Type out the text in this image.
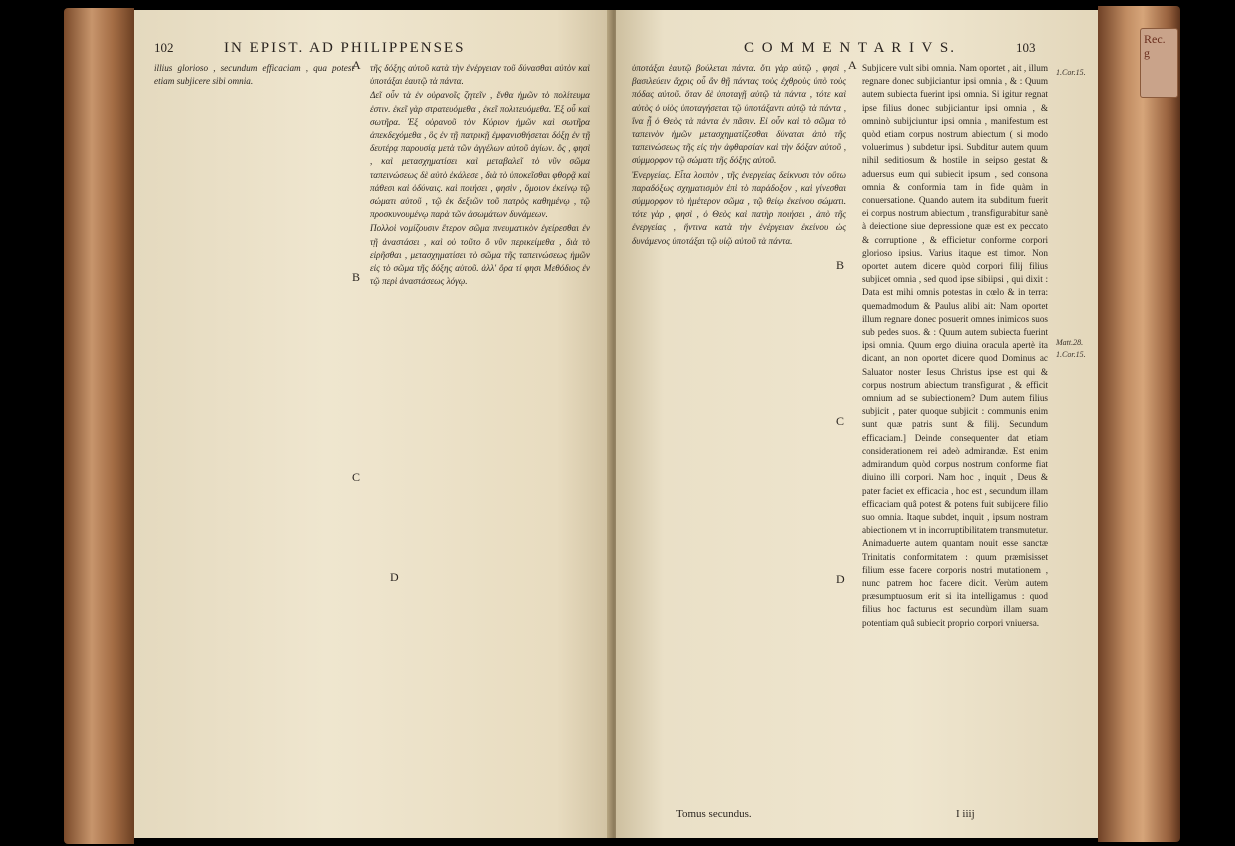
Rec. g
102	IN EPIST. AD PHILIPPENSES

illius glorioso , secundum efficaciam , qua potest etiam subjicere sibi omnia.

A
B
C
D

τῆς δόξης αὐτοῦ κατὰ τὴν ἐνέργειαν τοῦ δύνασθαι αὐτὸν καὶ ὑποτάξαι ἑαυτῷ τὰ πάντα.

Δεῖ οὖν τὰ ἐν οὐρανοῖς ζητεῖν , ἔνθα ἡμῶν τὸ πολίτευμα ἐστιν. ἐκεῖ γὰρ στρατευόμεθα , ἐκεῖ πολιτευόμεθα. Ἐξ οὗ καὶ σωτῆρα. Ἐξ οὐρανοῦ τὸν Κύριον ἡμῶν καὶ σωτῆρα ἀπεκδεχόμεθα , ὃς ἐν τῇ πατρικῇ ἐμφανισθήσεται δόξῃ ἐν τῇ δευτέρᾳ παρουσίᾳ μετὰ τῶν ἀγγέλων αὐτοῦ ἁγίων. ὃς , φησὶ , καὶ μετασχηματίσει καὶ μεταβαλεῖ τὸ νῦν σῶμα ταπεινώσεως δὲ αὐτὸ ἐκάλεσε , διὰ τὸ ὑποκεῖσθαι φθορᾷ καὶ πάθεσι καὶ ὀδύναις. καὶ ποιήσει , φησὶν , ὅμοιον ἐκείνῳ τῷ σώματι αὐτοῦ , τῷ ἐκ δεξιῶν τοῦ πατρὸς καθημένῳ , τῷ προσκυνουμένῳ παρὰ τῶν ἀσωμάτων δυνάμεων.

Πολλοὶ νομίζουσιν ἕτερον σῶμα πνευματικὸν ἐγείρεσθαι ἐν τῇ ἀναστάσει , καὶ οὐ τοῦτο ὃ νῦν περικείμεθα , διὰ τὸ εἰρῆσθαι , μετασχηματίσει τὸ σῶμα τῆς ταπεινώσεως ἡμῶν εἰς τὸ σῶμα τῆς δόξης αὐτοῦ. ἀλλ' ὅρα τί φησι Μεθόδιος ἐν τῷ περὶ ἀναστάσεως λόγῳ.

C O M M E N T A R I V S.	103

ὑποτάξαι ἑαυτῷ βούλεται πάντα. ὅτι γὰρ αὐτῷ , φησὶ , βασιλεύειν ἄχρις οὗ ἂν θῇ πάντας τοὺς ἐχθροὺς ὑπὸ τοὺς πόδας αὐτοῦ. ὅταν δὲ ὑποταγῇ αὐτῷ τὰ πάντα , τότε καὶ αὐτὸς ὁ υἱὸς ὑποταγήσεται τῷ ὑποτάξαντι αὐτῷ τὰ πάντα , ἵνα ᾖ ὁ Θεὸς τὰ πάντα ἐν πᾶσιν. Εἰ οὖν καὶ τὸ σῶμα τὸ ταπεινὸν ἡμῶν μετασχηματίζεσθαι δύναται ἀπὸ τῆς ταπεινώσεως τῆς εἰς τὴν ἀφθαρσίαν καὶ τὴν δόξαν αὐτοῦ , σύμμορφον τῷ σώματι τῆς δόξης αὐτοῦ.

Ἐνεργείας. Εἶτα λοιπὸν , τῆς ἐνεργείας δείκνυσι τὸν οὕτω παραδόξως σχηματισμὸν ἐπὶ τὸ παράδοξον , καὶ γίνεσθαι σύμμορφον τὸ ἡμέτερον σῶμα , τῷ θείῳ ἐκείνου σώματι. τότε γὰρ , φησὶ , ὁ Θεὸς καὶ πατὴρ ποιήσει , ἀπὸ τῆς ἐνεργείας , ἥντινα κατὰ τὴν ἐνέργειαν ἐκείνου ὡς δυνάμενος ὑποτάξαι τῷ υἱῷ αὐτοῦ τὰ πάντα.

A
B
C
D

Subjicere vult sibi omnia. Nam oportet , ait , illum regnare donec subjiciantur ipsi omnia , & : Quum autem subiecta fuerint ipsi omnia. Si igitur regnat ipse filius donec subjiciantur ipsi omnia , & omninò subijciuntur ipsi omnia , manifestum est quòd etiam corpus nostrum abiectum ( si modo voluerimus ) subdetur ipsi. Subditur autem quum nihil seditiosum & hostile in seipso gestat & aduersus eum qui subiecit ipsum , sed consona omnia & conformia tam in fide quàm in conuersatione. Quando autem ita subditum fuerit ei corpus nostrum abiectum , transfigurabitur sanè à deiectione siue depressione quæ est ex peccato & corruptione , & efficietur conforme corpori glorioso ipsius. Varius itaque est timor. Non oportet autem dicere quòd corpori filij filius subjicet omnia , sed quod ipse sibiipsi , qui dixit : Data est mihi omnis potestas in cœlo & in terra: quemadmodum & Paulus alibi ait: Nam oportet illum regnare donec posuerit omnes inimicos suos sub pedes suos. & : Quum autem subiecta fuerint ipsi omnia. Quum ergo diuina oracula apertè ita dicant, an non oportet dicere quod Dominus ac Saluator noster Iesus Christus ipse est qui & corpus nostrum abiectum transfigurat , & efficit omnium ad se subiectionem? Dum autem filius subjicit , pater quoque subjicit : communis enim sunt quæ patris sunt & filij. Secundum efficaciam.] Deinde consequenter dat etiam considerationem rei adeò admirandæ. Est enim admirandum quòd corpus nostrum conforme fiat diuino illi corpori. Nam hoc , inquit , Deus & pater faciet ex efficacia , hoc est , secundum illam efficaciam quâ potest & potens fuit subijcere filio suo omnia. Itaque subdet, inquit , ipsum nostram abiectionem vt in incorruptibilitatem transmutetur. Animaduerte autem quantam nouit esse sanctæ Trinitatis conformitatem : quum præmisisset filium esse facere corporis nostri mutationem , nunc patrem hoc facere dicit. Verùm autem præsumptuosum erit si ita intelligamus : quod filius hoc facturus est secundùm illam suam potentiam quâ subiecit proprio corpori vniuersa.

1.Cor.15.
Matt.28.
1.Cor.15.
Tomus secundus.	I iiij
